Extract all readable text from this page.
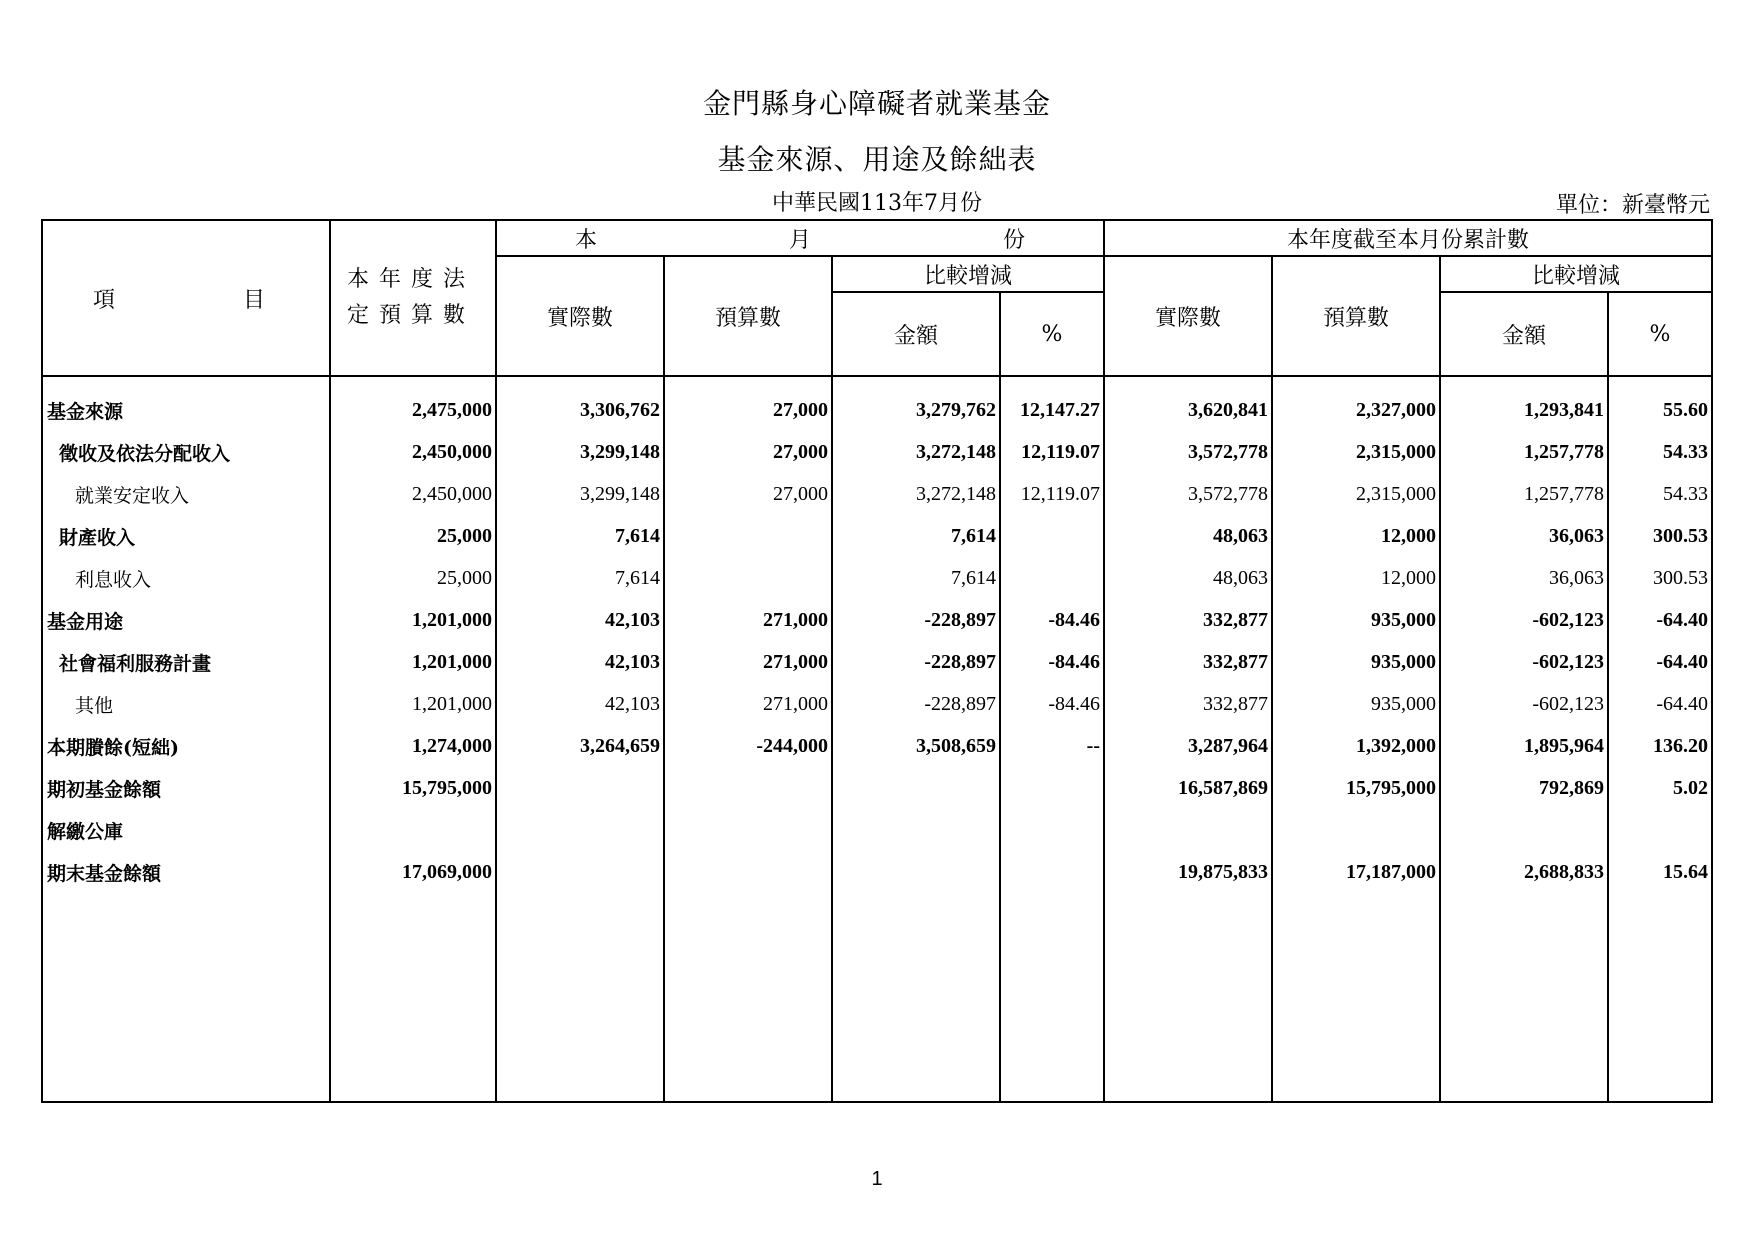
金門縣身心障礙者就業基金
基金來源、用途及餘絀表
中華民國113年7月份	單位：新臺幣元
項 目	本年度法
定預算數	本 月 份				本年度截至本月份累計數			
		實際數	預算數	比較增減		實際數	預算數	比較增減	
				金額	%			金額	%
基金來源	2,475,000	3,306,762	27,000	3,279,762	12,147.27	3,620,841	2,327,000	1,293,841	55.60
徵收及依法分配收入	2,450,000	3,299,148	27,000	3,272,148	12,119.07	3,572,778	2,315,000	1,257,778	54.33
就業安定收入	2,450,000	3,299,148	27,000	3,272,148	12,119.07	3,572,778	2,315,000	1,257,778	54.33
財產收入	25,000	7,614		7,614		48,063	12,000	36,063	300.53
利息收入	25,000	7,614		7,614		48,063	12,000	36,063	300.53
基金用途	1,201,000	42,103	271,000	-228,897	-84.46	332,877	935,000	-602,123	-64.40
社會福利服務計畫	1,201,000	42,103	271,000	-228,897	-84.46	332,877	935,000	-602,123	-64.40
其他	1,201,000	42,103	271,000	-228,897	-84.46	332,877	935,000	-602,123	-64.40
本期賸餘(短絀)	1,274,000	3,264,659	-244,000	3,508,659	--	3,287,964	1,392,000	1,895,964	136.20
期初基金餘額	15,795,000					16,587,869	15,795,000	792,869	5.02
解繳公庫									
期末基金餘額	17,069,000					19,875,833	17,187,000	2,688,833	15.64

1
